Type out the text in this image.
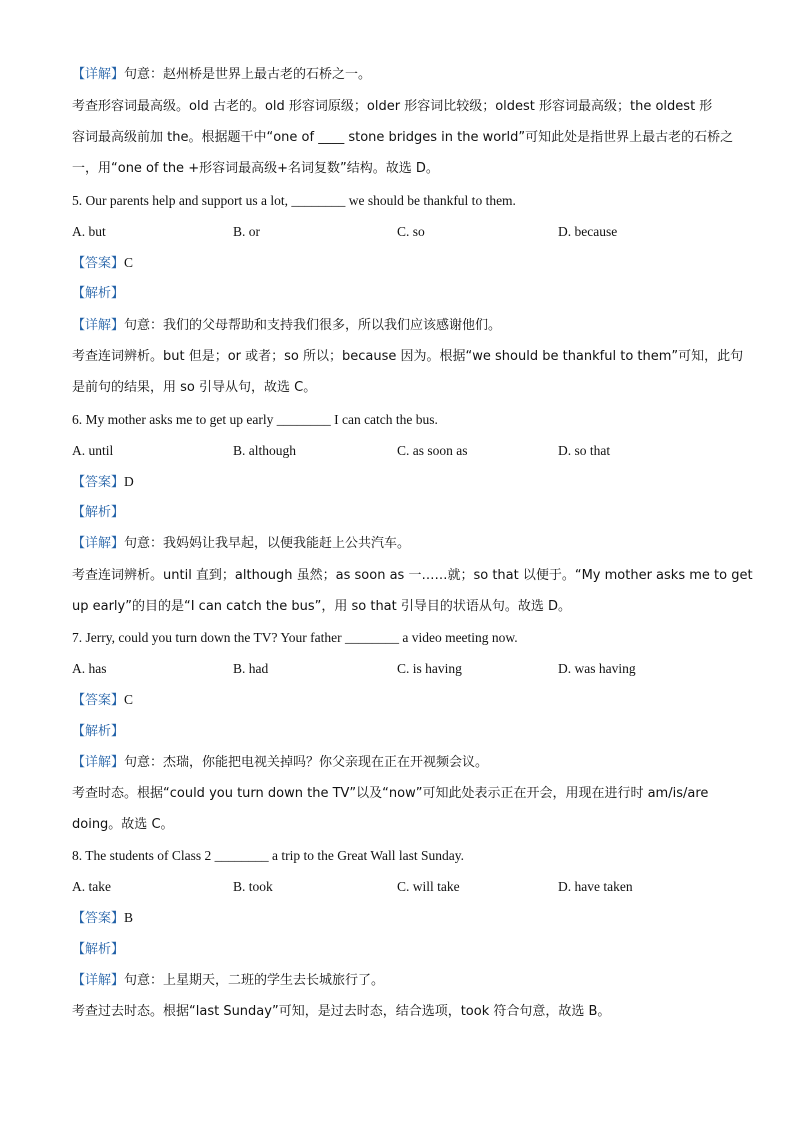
【详解】句意：赵州桥是世界上最古老的石桥之一。
考查形容词最高级。old 古老的。old 形容词原级；older 形容词比较级；oldest 形容词最高级；the oldest 形
容词最高级前加 the。根据题干中“one of ____ stone bridges in the world”可知此处是指世界上最古老的石桥之
一，用“one of the +形容词最高级+名词复数”结构。故选 D。
5. Our parents help and support us a lot, ________ we should be thankful to them.
A. but	B. or	C. so	D. because
【答案】C
【解析】
【详解】句意：我们的父母帮助和支持我们很多，所以我们应该感谢他们。
考查连词辨析。but 但是；or 或者；so 所以；because 因为。根据“we should be thankful to them”可知，此句
是前句的结果，用 so 引导从句，故选 C。
6. My mother asks me to get up early ________ I can catch the bus.
A. until	B. although	C. as soon as	D. so that
【答案】D
【解析】
【详解】句意：我妈妈让我早起，以便我能赶上公共汽车。
考查连词辨析。until 直到；although 虽然；as soon as 一……就；so that 以便于。“My mother asks me to get
up early”的目的是“I can catch the bus”，用 so that 引导目的状语从句。故选 D。
7. Jerry, could you turn down the TV? Your father ________ a video meeting now.
A. has	B. had	C. is having	D. was having
【答案】C
【解析】
【详解】句意：杰瑞，你能把电视关掉吗？你父亲现在正在开视频会议。
考查时态。根据“could you turn down the TV”以及“now”可知此处表示正在开会，用现在进行时 am/is/are
doing。故选 C。
8. The students of Class 2 ________ a trip to the Great Wall last Sunday.
A. take	B. took	C. will take	D. have taken
【答案】B
【解析】
【详解】句意：上星期天，二班的学生去长城旅行了。
考查过去时态。根据“last Sunday”可知，是过去时态，结合选项，took 符合句意，故选 B。
